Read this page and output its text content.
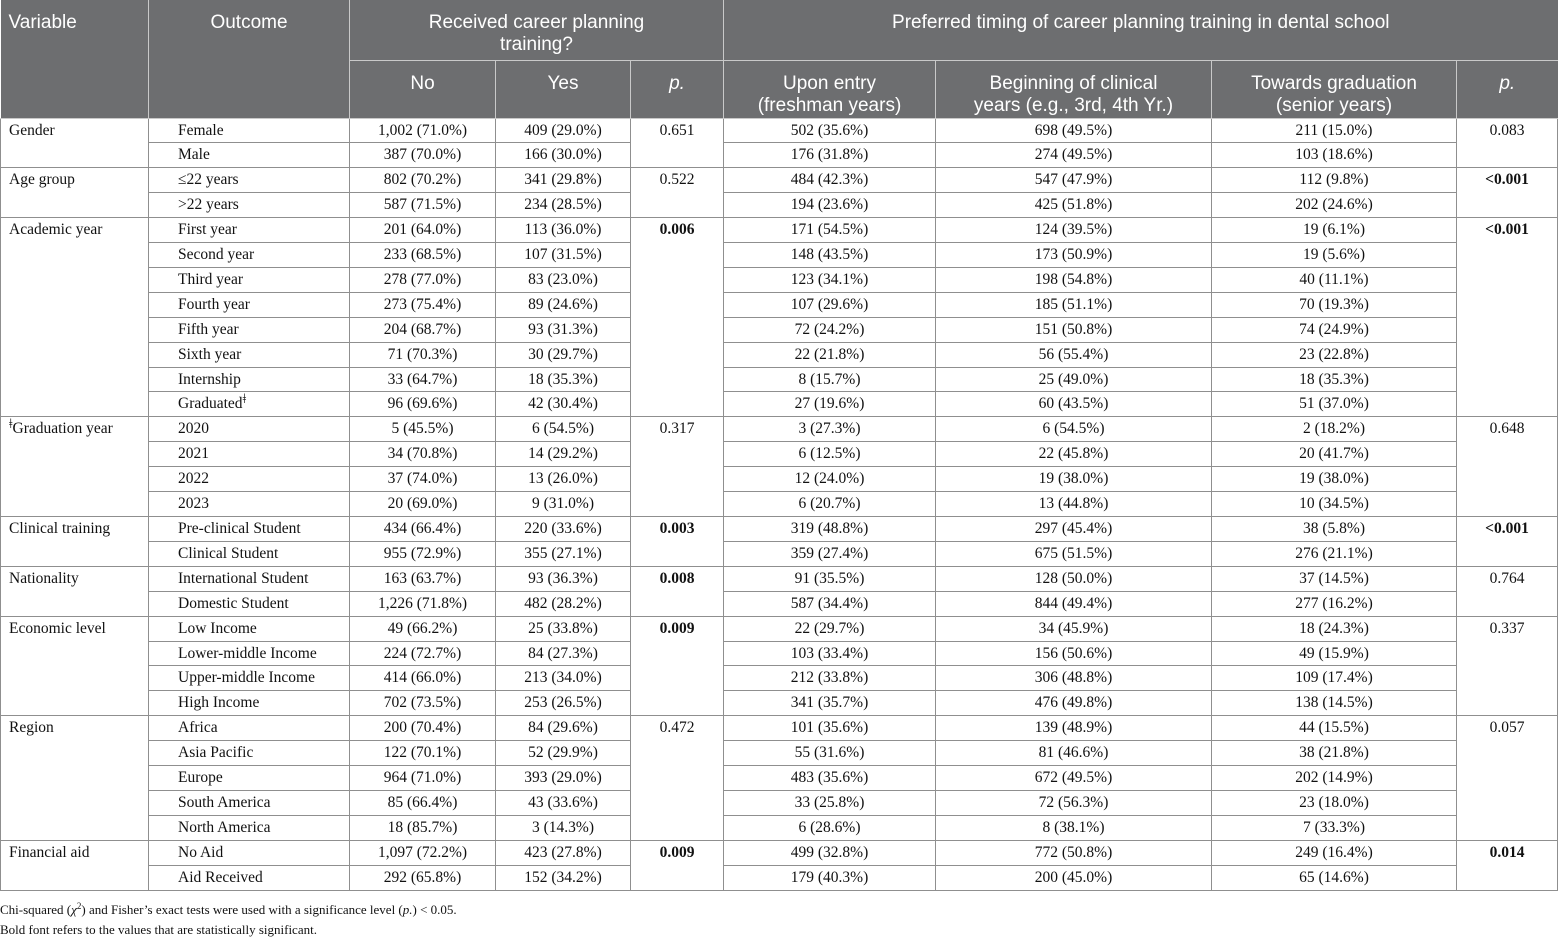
Variable	Outcome	Received career planning training?			Preferred timing of career planning training in dental school			
		No	Yes	p.	Upon entry (freshman years)	Beginning of clinical years (e.g., 3rd, 4th Yr.)	Towards graduation (senior years)	p.
Gender	Female	1,002 (71.0%)	409 (29.0%)	0.651	502 (35.6%)	698 (49.5%)	211 (15.0%)	0.083
	Male	387 (70.0%)	166 (30.0%)		176 (31.8%)	274 (49.5%)	103 (18.6%)	
Age group	≤22 years	802 (70.2%)	341 (29.8%)	0.522	484 (42.3%)	547 (47.9%)	112 (9.8%)	<0.001
	>22 years	587 (71.5%)	234 (28.5%)		194 (23.6%)	425 (51.8%)	202 (24.6%)	
Academic year	First year	201 (64.0%)	113 (36.0%)	0.006	171 (54.5%)	124 (39.5%)	19 (6.1%)	<0.001
	Second year	233 (68.5%)	107 (31.5%)		148 (43.5%)	173 (50.9%)	19 (5.6%)	
	Third year	278 (77.0%)	83 (23.0%)		123 (34.1%)	198 (54.8%)	40 (11.1%)	
	Fourth year	273 (75.4%)	89 (24.6%)		107 (29.6%)	185 (51.1%)	70 (19.3%)	
	Fifth year	204 (68.7%)	93 (31.3%)		72 (24.2%)	151 (50.8%)	74 (24.9%)	
	Sixth year	71 (70.3%)	30 (29.7%)		22 (21.8%)	56 (55.4%)	23 (22.8%)	
	Internship	33 (64.7%)	18 (35.3%)		8 (15.7%)	25 (49.0%)	18 (35.3%)	
	Graduated$^ǂ$	96 (69.6%)	42 (30.4%)		27 (19.6%)	60 (43.5%)	51 (37.0%)	
$^ǂ$Graduation year	2020	5 (45.5%)	6 (54.5%)	0.317	3 (27.3%)	6 (54.5%)	2 (18.2%)	0.648
	2021	34 (70.8%)	14 (29.2%)		6 (12.5%)	22 (45.8%)	20 (41.7%)	
	2022	37 (74.0%)	13 (26.0%)		12 (24.0%)	19 (38.0%)	19 (38.0%)	
	2023	20 (69.0%)	9 (31.0%)		6 (20.7%)	13 (44.8%)	10 (34.5%)	
Clinical training	Pre-clinical Student	434 (66.4%)	220 (33.6%)	0.003	319 (48.8%)	297 (45.4%)	38 (5.8%)	<0.001
	Clinical Student	955 (72.9%)	355 (27.1%)		359 (27.4%)	675 (51.5%)	276 (21.1%)	
Nationality	International Student	163 (63.7%)	93 (36.3%)	0.008	91 (35.5%)	128 (50.0%)	37 (14.5%)	0.764
	Domestic Student	1,226 (71.8%)	482 (28.2%)		587 (34.4%)	844 (49.4%)	277 (16.2%)	
Economic level	Low Income	49 (66.2%)	25 (33.8%)	0.009	22 (29.7%)	34 (45.9%)	18 (24.3%)	0.337
	Lower-middle Income	224 (72.7%)	84 (27.3%)		103 (33.4%)	156 (50.6%)	49 (15.9%)	
	Upper-middle Income	414 (66.0%)	213 (34.0%)		212 (33.8%)	306 (48.8%)	109 (17.4%)	
	High Income	702 (73.5%)	253 (26.5%)		341 (35.7%)	476 (49.8%)	138 (14.5%)	
Region	Africa	200 (70.4%)	84 (29.6%)	0.472	101 (35.6%)	139 (48.9%)	44 (15.5%)	0.057
	Asia Pacific	122 (70.1%)	52 (29.9%)		55 (31.6%)	81 (46.6%)	38 (21.8%)	
	Europe	964 (71.0%)	393 (29.0%)		483 (35.6%)	672 (49.5%)	202 (14.9%)	
	South America	85 (66.4%)	43 (33.6%)		33 (25.8%)	72 (56.3%)	23 (18.0%)	
	North America	18 (85.7%)	3 (14.3%)		6 (28.6%)	8 (38.1%)	7 (33.3%)	
Financial aid	No Aid	1,097 (72.2%)	423 (27.8%)	0.009	499 (32.8%)	772 (50.8%)	249 (16.4%)	0.014
	Aid Received	292 (65.8%)	152 (34.2%)		179 (40.3%)	200 (45.0%)	65 (14.6%)	
Chi-squared $(\chi^2)$ and Fisher’s exact tests were used with a significance level (p.) < 0.05.
Bold font refers to the values that are statistically significant.
